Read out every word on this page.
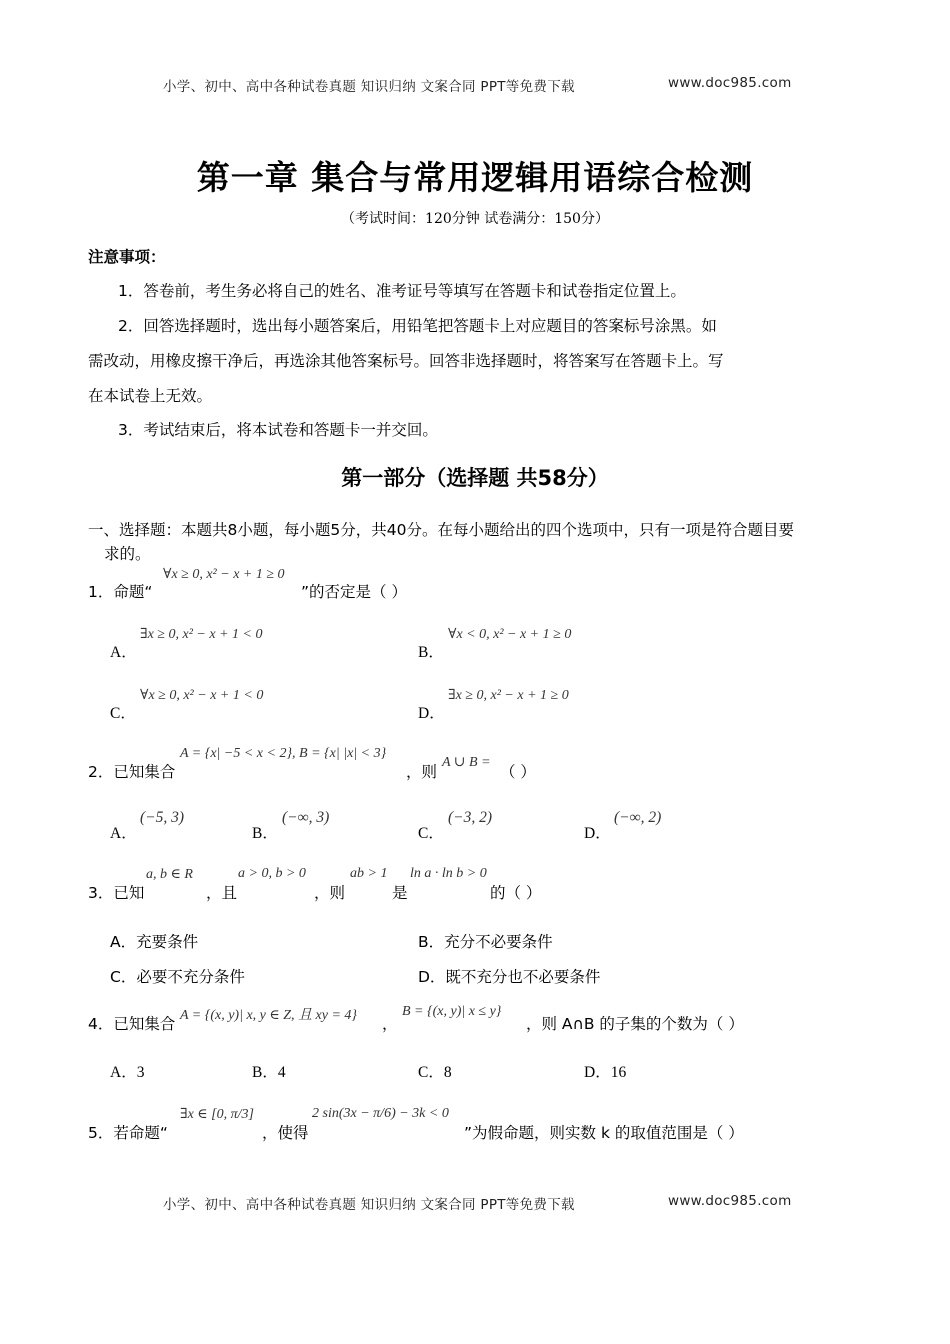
小学、初中、高中各种试卷真题 知识归纳 文案合同 PPT等免费下载	www.doc985.com
第一章 集合与常用逻辑用语综合检测
（考试时间：120分钟 试卷满分：150分）
注意事项：
1．答卷前，考生务必将自己的姓名、准考证号等填写在答题卡和试卷指定位置上。
2．回答选择题时，选出每小题答案后，用铅笔把答题卡上对应题目的答案标号涂黑。如
需改动，用橡皮擦干净后，再选涂其他答案标号。回答非选择题时，将答案写在答题卡上。写
在本试卷上无效。
3．考试结束后，将本试卷和答题卡一并交回。
第一部分（选择题 共58分）
一、选择题：本题共8小题，每小题5分，共40分。在每小题给出的四个选项中，只有一项是符合题目要
求的。
1．命题“
∀x ≥ 0, x² − x + 1 ≥ 0
”的否定是（ ）
A．
∃x ≥ 0, x² − x + 1 < 0
B．
∀x < 0, x² − x + 1 ≥ 0
C．
∀x ≥ 0, x² − x + 1 < 0
D．
∃x ≥ 0, x² − x + 1 ≥ 0
2．已知集合
A = {x| −5 < x < 2}, B = {x| |x| < 3}
，则
A ∪ B =
（ ）
A．
(−5, 3)
B．
(−∞, 3)
C．
(−3, 2)
D．
(−∞, 2)
3．已知
a, b ∈ R
，且
a > 0, b > 0
，则
ab > 1
是
ln a · ln b > 0
的（ ）
A．充要条件	B．充分不必要条件
C．必要不充分条件	D．既不充分也不必要条件
4．已知集合 A = {(x, y)| x, y ∈ Z, 且 xy = 4} ，
B = {(x, y)| x ≤ y}
，则 A∩B 的子集的个数为（ ）
A．3	B．4	C．8	D．16
5．若命题“
∃x ∈ [0, π/3]
，使得
2 sin(3x − π/6) − 3k < 0
”为假命题，则实数 k 的取值范围是（ ）
小学、初中、高中各种试卷真题 知识归纳 文案合同 PPT等免费下载	www.doc985.com
